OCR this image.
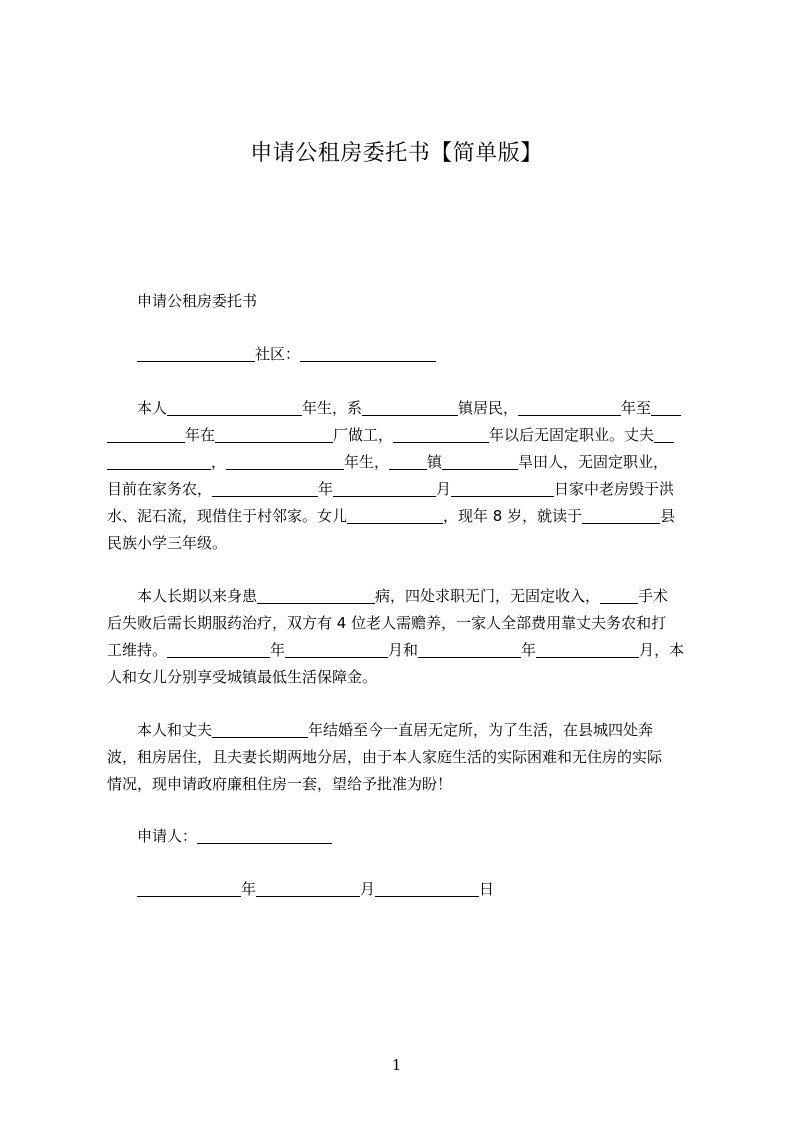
申请公租房委托书【简单版】
申请公租房委托书
社区：
本人	年生，系	镇居民，	年至
年在	厂做工，	年以后无固定职业。丈夫
，	年生，	镇	旱田人，无固定职业，
目前在家务农，	年	月	日家中老房毁于洪
水、泥石流，现借住于村邻家。女儿	，现年 8 岁，就读于	县
民族小学三年级。
本人长期以来身患	病，四处求职无门，无固定收入，	手术
后失败后需长期服药治疗，双方有 4 位老人需赡养，一家人全部费用靠丈夫务农和打
工维持。	年	月和	年	月，本
人和女儿分别享受城镇最低生活保障金。
本人和丈夫	年结婚至今一直居无定所，为了生活，在县城四处奔
波，租房居住，且夫妻长期两地分居，由于本人家庭生活的实际困难和无住房的实际
情况，现申请政府廉租住房一套，望给予批准为盼！
申请人：
年	月	日
1
